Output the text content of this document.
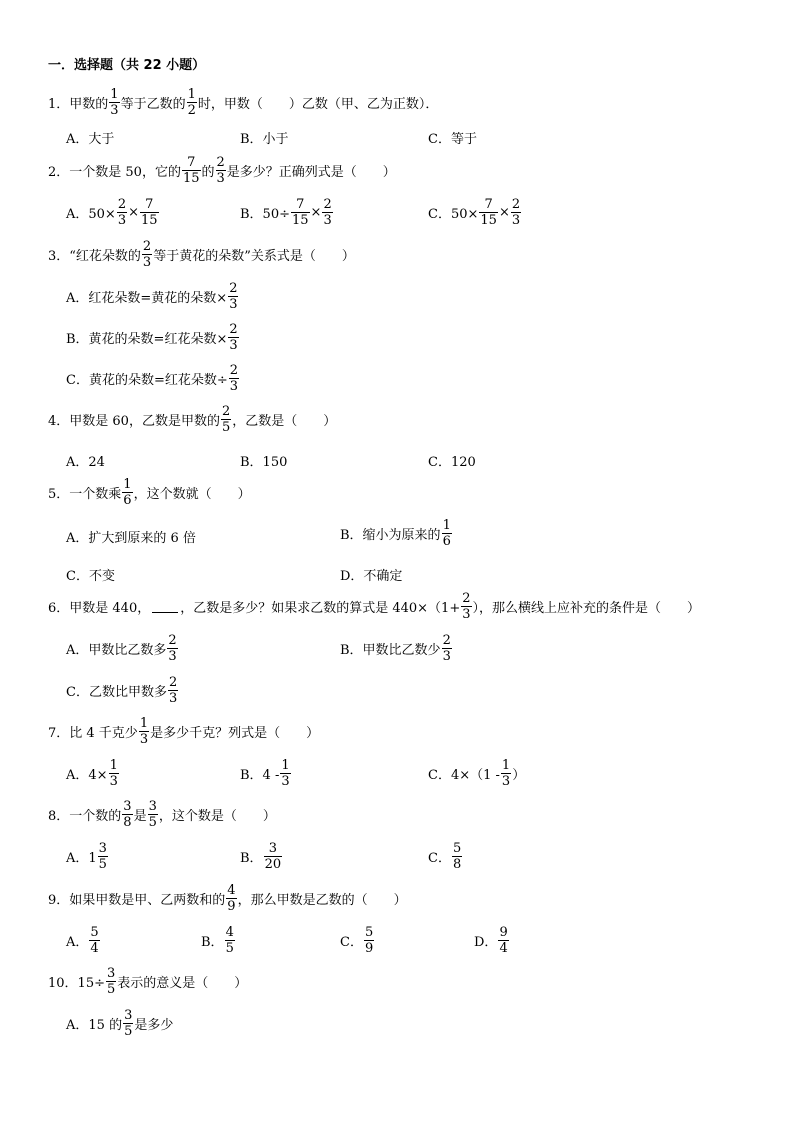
一．选择题（共 22 小题）
1．甲数的 $\frac{1}{3}$ 等于乙数的 $\frac{1}{2}$ 时，甲数（　　）乙数（甲、乙为正数）．
A．大于	B．小于	C．等于
2．一个数是 50，它的 $\frac{7}{15}$ 的 $\frac{2}{3}$ 是多少？正确列式是（　　）
A．$50\times \frac{2}{3} \times \frac{7}{15}$	B．$50\div \frac{7}{15} \times \frac{2}{3}$	C．$50\times \frac{7}{15} \times \frac{2}{3}$
3．“红花朵数的 $\frac{2}{3}$ 等于黄花的朵数”关系式是（　　）
A．红花朵数=黄花的朵数× $\frac{2}{3}$
B．黄花的朵数=红花朵数× $\frac{2}{3}$
C．黄花的朵数=红花朵数÷ $\frac{2}{3}$
4．甲数是 60，乙数是甲数的 $\frac{2}{5}$ ，乙数是（　　）
A．24	B．150	C．120
5．一个数乘 $\frac{1}{6}$ ，这个数就（　　）
A．扩大到原来的 6 倍	B．缩小为原来的 $\frac{1}{6}$
C．不变	D．不确定
6．甲数是 440， ，乙数是多少？如果求乙数的算式是 $440\times(1+ \frac{2}{3}$ ），那么横线上应补充的条件是（　　）
A．甲数比乙数多 $\frac{2}{3}$	B．甲数比乙数少 $\frac{2}{3}$
C．乙数比甲数多 $\frac{2}{3}$
7．比 4 千克少 $\frac{1}{3}$ 是多少千克？列式是（　　）
A．$4\times \frac{1}{3}$	B．$4 - \frac{1}{3}$	C．$4\times(1 - \frac{1}{3}$ ）
8．一个数的 $\frac{3}{8}$ 是 $\frac{3}{5}$ ，这个数是（　　）
A．$1 \frac{3}{5}$	B． $\frac{3}{20}$	C． $\frac{5}{8}$
9．如果甲数是甲、乙两数和的 $\frac{4}{9}$ ，那么甲数是乙数的（　　）
A． $\frac{5}{4}$	B． $\frac{4}{5}$	C． $\frac{5}{9}$	D． $\frac{9}{4}$
10．$15\div \frac{3}{5}$ 表示的意义是（　　）
A．15 的 $\frac{3}{5}$ 是多少
